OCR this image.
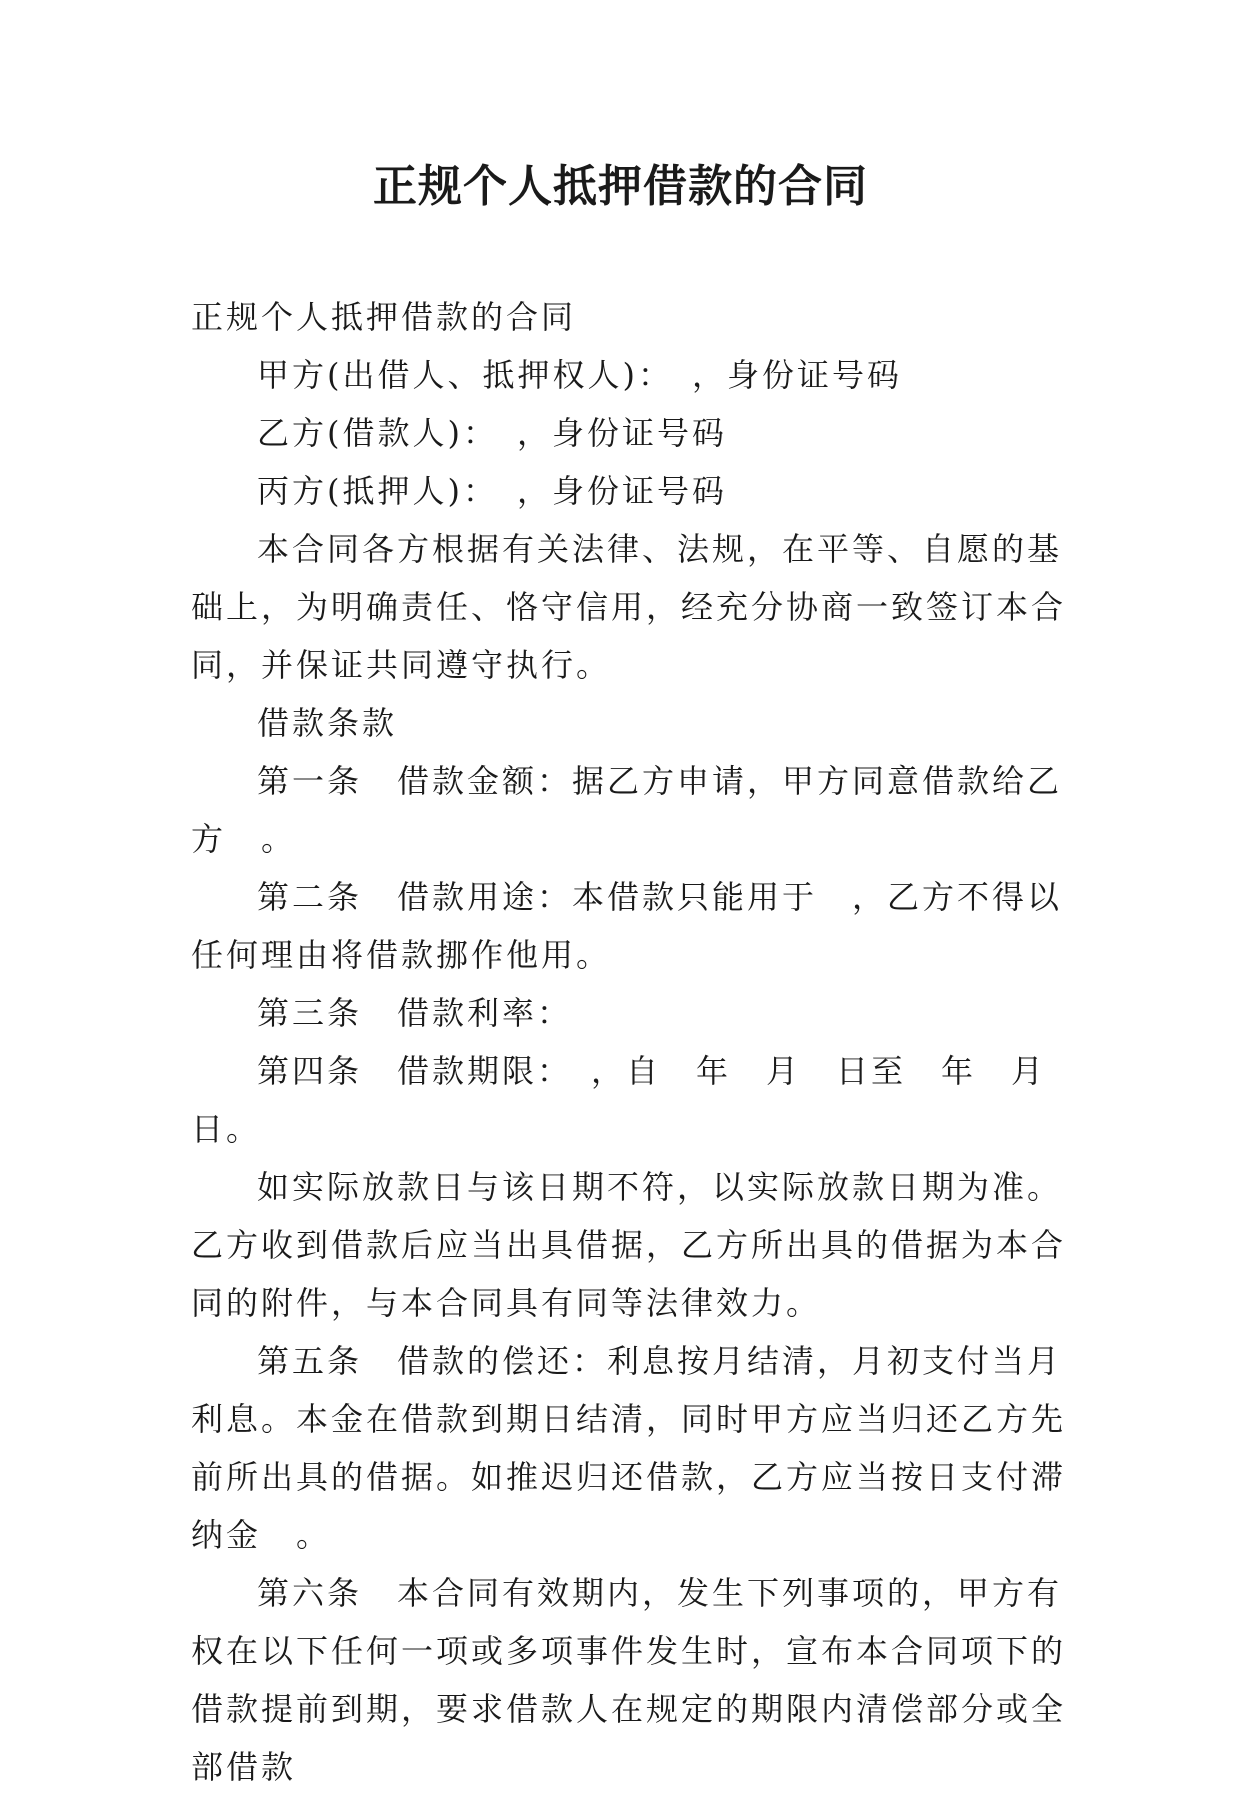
正规个人抵押借款的合同

正规个人抵押借款的合同

甲方(出借人、抵押权人)：　，身份证号码

乙方(借款人)：　，身份证号码

丙方(抵押人)：　，身份证号码

本合同各方根据有关法律、法规，在平等、自愿的基础上，为明确责任、恪守信用，经充分协商一致签订本合同，并保证共同遵守执行。

借款条款

第一条　借款金额：据乙方申请，甲方同意借款给乙方　。

第二条　借款用途：本借款只能用于　，乙方不得以任何理由将借款挪作他用。

第三条　借款利率：

第四条　借款期限：　，自　年　月　日至　年　月　日。

如实际放款日与该日期不符，以实际放款日期为准。乙方收到借款后应当出具借据，乙方所出具的借据为本合同的附件，与本合同具有同等法律效力。

第五条　借款的偿还：利息按月结清，月初支付当月利息。本金在借款到期日结清，同时甲方应当归还乙方先前所出具的借据。如推迟归还借款，乙方应当按日支付滞纳金　。

第六条　本合同有效期内，发生下列事项的，甲方有权在以下任何一项或多项事件发生时，宣布本合同项下的借款提前到期，要求借款人在规定的期限内清偿部分或全部借款
